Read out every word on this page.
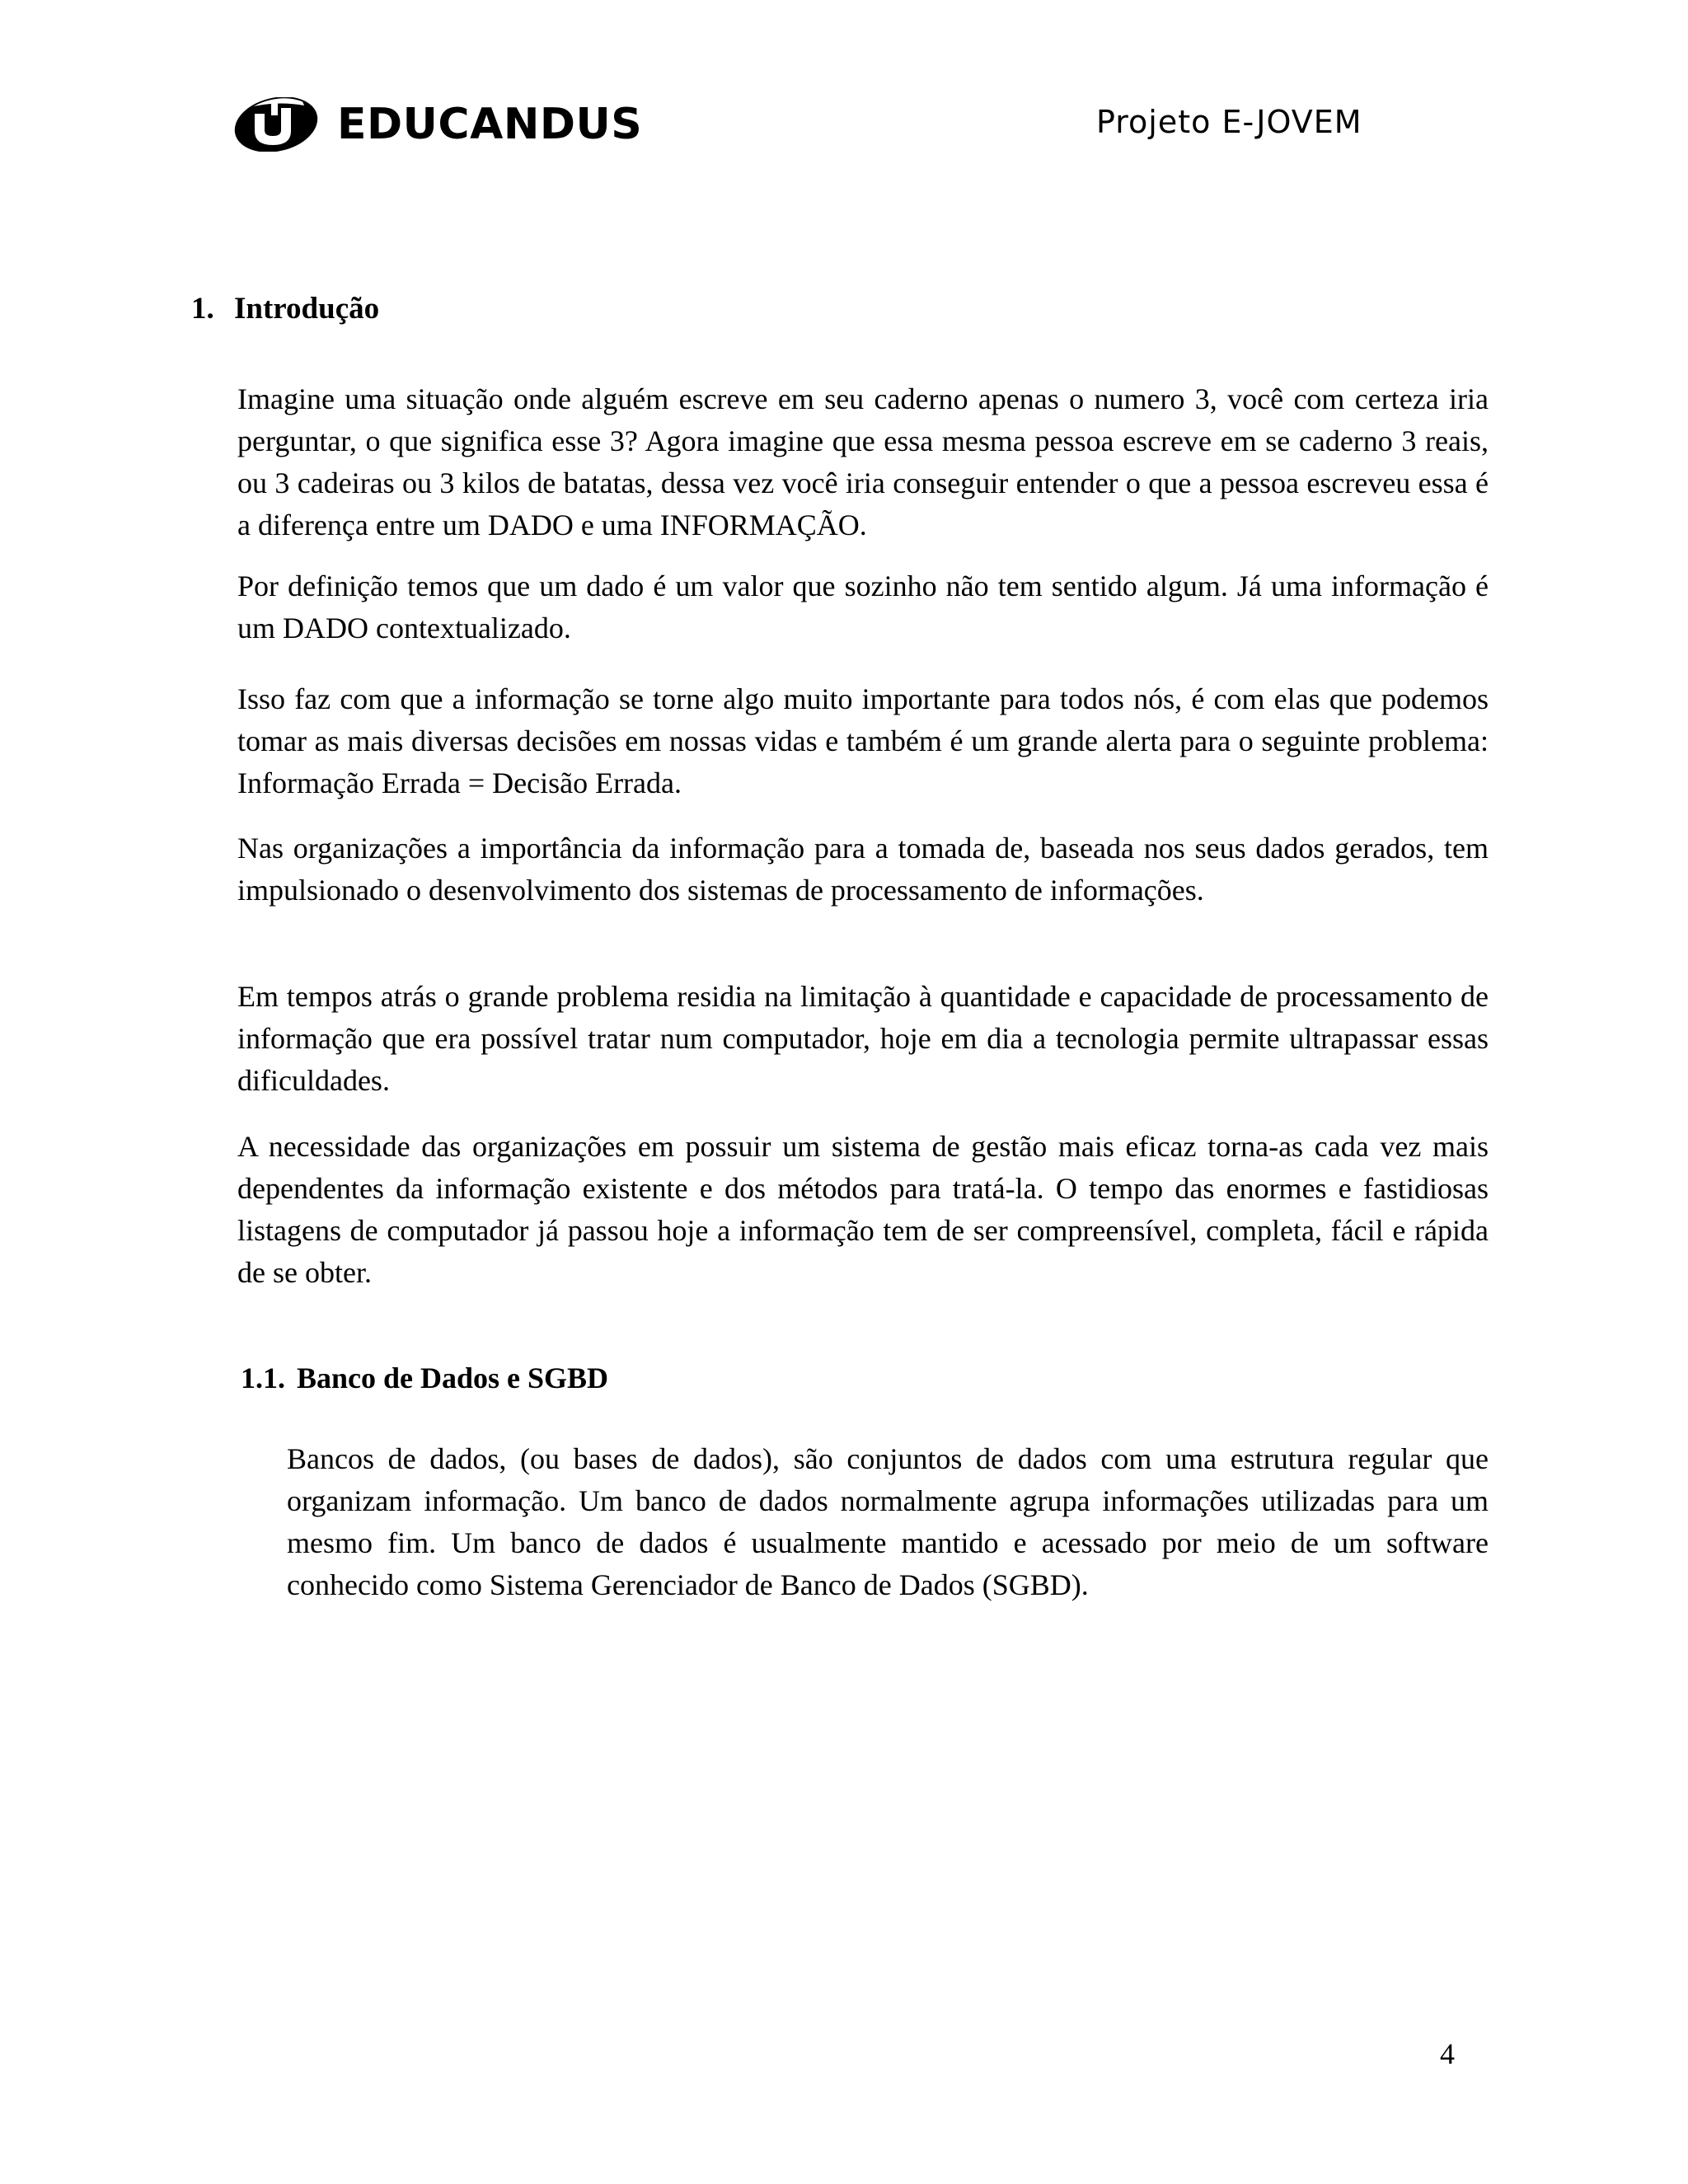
EDUCANDUS	Projeto E-JOVEM
1. Introdução

Imagine uma situação onde alguém escreve em seu caderno apenas o numero 3, você com certeza iria perguntar, o que significa esse 3? Agora imagine que essa mesma pessoa escreve em se caderno 3 reais, ou 3 cadeiras ou 3 kilos de batatas, dessa vez você iria conseguir entender o que a pessoa escreveu essa é a diferença entre um DADO e uma INFORMAÇÃO.

Por definição temos que um dado é um valor que sozinho não tem sentido algum. Já uma informação é um DADO contextualizado.

Isso faz com que a informação se torne algo muito importante para todos nós, é com elas que podemos tomar as mais diversas decisões em nossas vidas e também é um grande alerta para o seguinte problema: Informação Errada = Decisão Errada.

Nas organizações a importância da informação para a tomada de, baseada nos seus dados gerados, tem impulsionado o desenvolvimento dos sistemas de processamento de informações.

Em tempos atrás o grande problema residia na limitação à quantidade e capacidade de processamento de informação que era possível tratar num computador, hoje em dia a tecnologia permite ultrapassar essas dificuldades.

A necessidade das organizações em possuir um sistema de gestão mais eficaz torna-as cada vez mais dependentes da informação existente e dos métodos para tratá-la. O tempo das enormes e fastidiosas listagens de computador já passou hoje a informação tem de ser compreensível, completa, fácil e rápida de se obter.

1.1. Banco de Dados e SGBD

Bancos de dados, (ou bases de dados), são conjuntos de dados com uma estrutura regular que organizam informação. Um banco de dados normalmente agrupa informações utilizadas para um mesmo fim. Um banco de dados é usualmente mantido e acessado por meio de um software conhecido como Sistema Gerenciador de Banco de Dados (SGBD).

4
